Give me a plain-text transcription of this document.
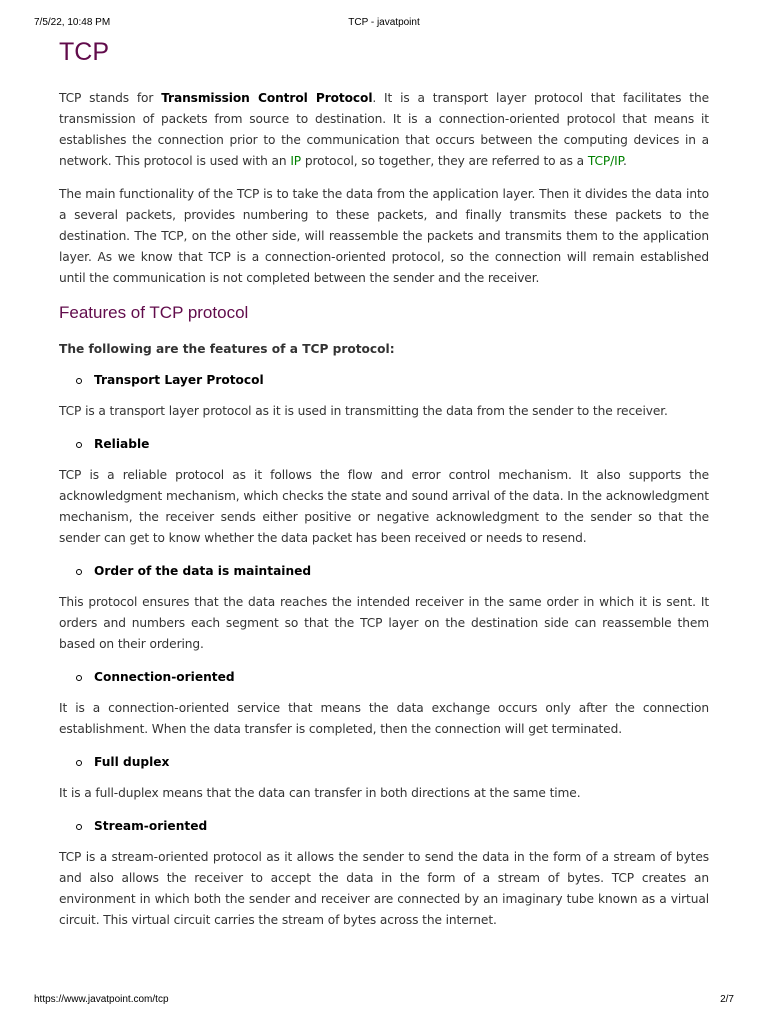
7/5/22, 10:48 PM	TCP - javatpoint
TCP

TCP stands for Transmission Control Protocol. It is a transport layer protocol that facilitates the transmission of packets from source to destination. It is a connection-oriented protocol that means it establishes the connection prior to the communication that occurs between the computing devices in a network. This protocol is used with an IP protocol, so together, they are referred to as a TCP/IP.

The main functionality of the TCP is to take the data from the application layer. Then it divides the data into a several packets, provides numbering to these packets, and finally transmits these packets to the destination. The TCP, on the other side, will reassemble the packets and transmits them to the application layer. As we know that TCP is a connection-oriented protocol, so the connection will remain established until the communication is not completed between the sender and the receiver.

Features of TCP protocol
The following are the features of a TCP protocol:
Transport Layer Protocol

TCP is a transport layer protocol as it is used in transmitting the data from the sender to the receiver.

Reliable

TCP is a reliable protocol as it follows the flow and error control mechanism. It also supports the acknowledgment mechanism, which checks the state and sound arrival of the data. In the acknowledgment mechanism, the receiver sends either positive or negative acknowledgment to the sender so that the sender can get to know whether the data packet has been received or needs to resend.

Order of the data is maintained

This protocol ensures that the data reaches the intended receiver in the same order in which it is sent. It orders and numbers each segment so that the TCP layer on the destination side can reassemble them based on their ordering.

Connection-oriented

It is a connection-oriented service that means the data exchange occurs only after the connection establishment. When the data transfer is completed, then the connection will get terminated.

Full duplex

It is a full-duplex means that the data can transfer in both directions at the same time.

Stream-oriented

TCP is a stream-oriented protocol as it allows the sender to send the data in the form of a stream of bytes and also allows the receiver to accept the data in the form of a stream of bytes. TCP creates an environment in which both the sender and receiver are connected by an imaginary tube known as a virtual circuit. This virtual circuit carries the stream of bytes across the internet.

https://www.javatpoint.com/tcp	2/7
